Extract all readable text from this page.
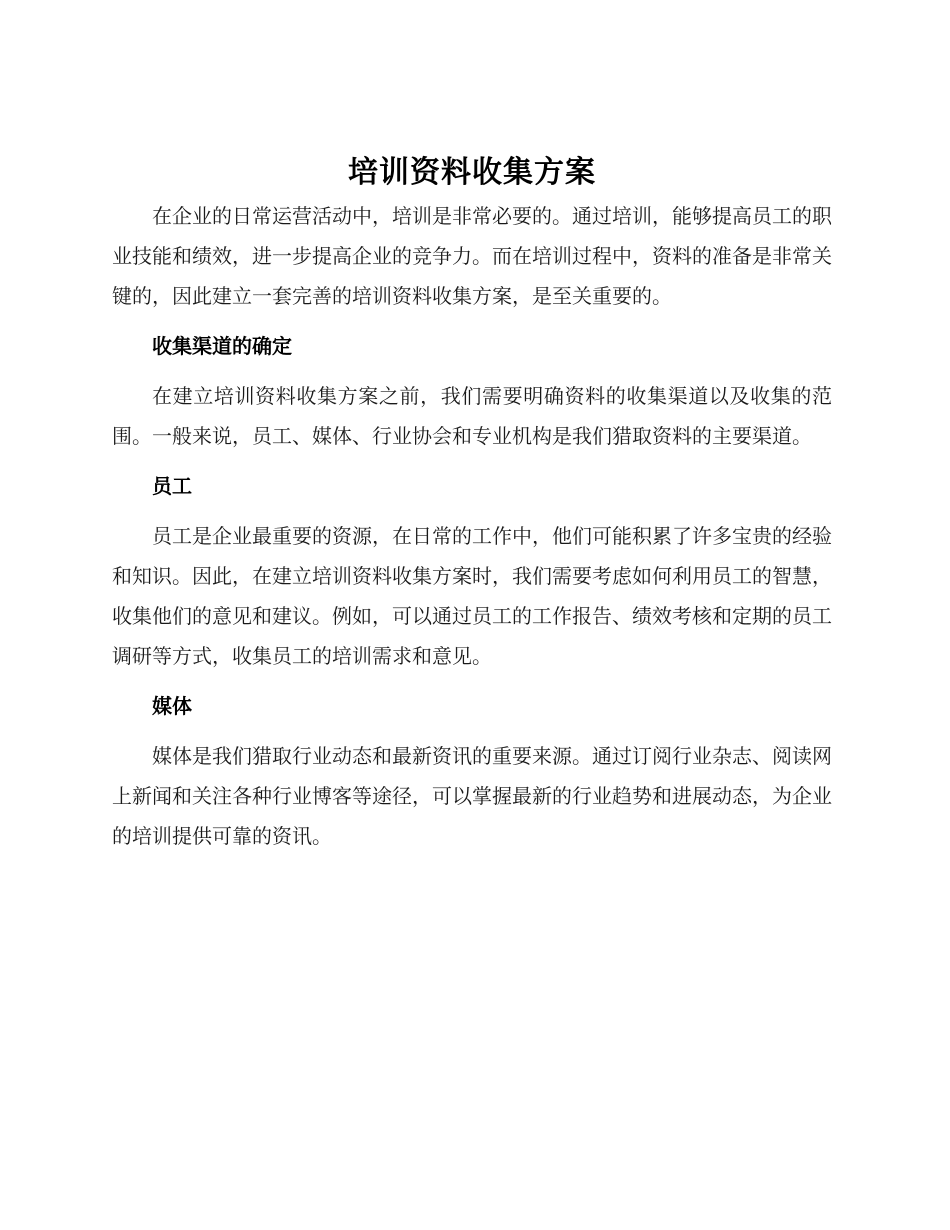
培训资料收集方案

在企业的日常运营活动中，培训是非常必要的。通过培训，能够提高员工的职业技能和绩效，进一步提高企业的竞争力。而在培训过程中，资料的准备是非常关键的，因此建立一套完善的培训资料收集方案，是至关重要的。

收集渠道的确定

在建立培训资料收集方案之前，我们需要明确资料的收集渠道以及收集的范围。一般来说，员工、媒体、行业协会和专业机构是我们猎取资料的主要渠道。

员工

员工是企业最重要的资源，在日常的工作中，他们可能积累了许多宝贵的经验和知识。因此，在建立培训资料收集方案时，我们需要考虑如何利用员工的智慧，收集他们的意见和建议。例如，可以通过员工的工作报告、绩效考核和定期的员工调研等方式，收集员工的培训需求和意见。

媒体

媒体是我们猎取行业动态和最新资讯的重要来源。通过订阅行业杂志、阅读网上新闻和关注各种行业博客等途径，可以掌握最新的行业趋势和进展动态，为企业的培训提供可靠的资讯。
